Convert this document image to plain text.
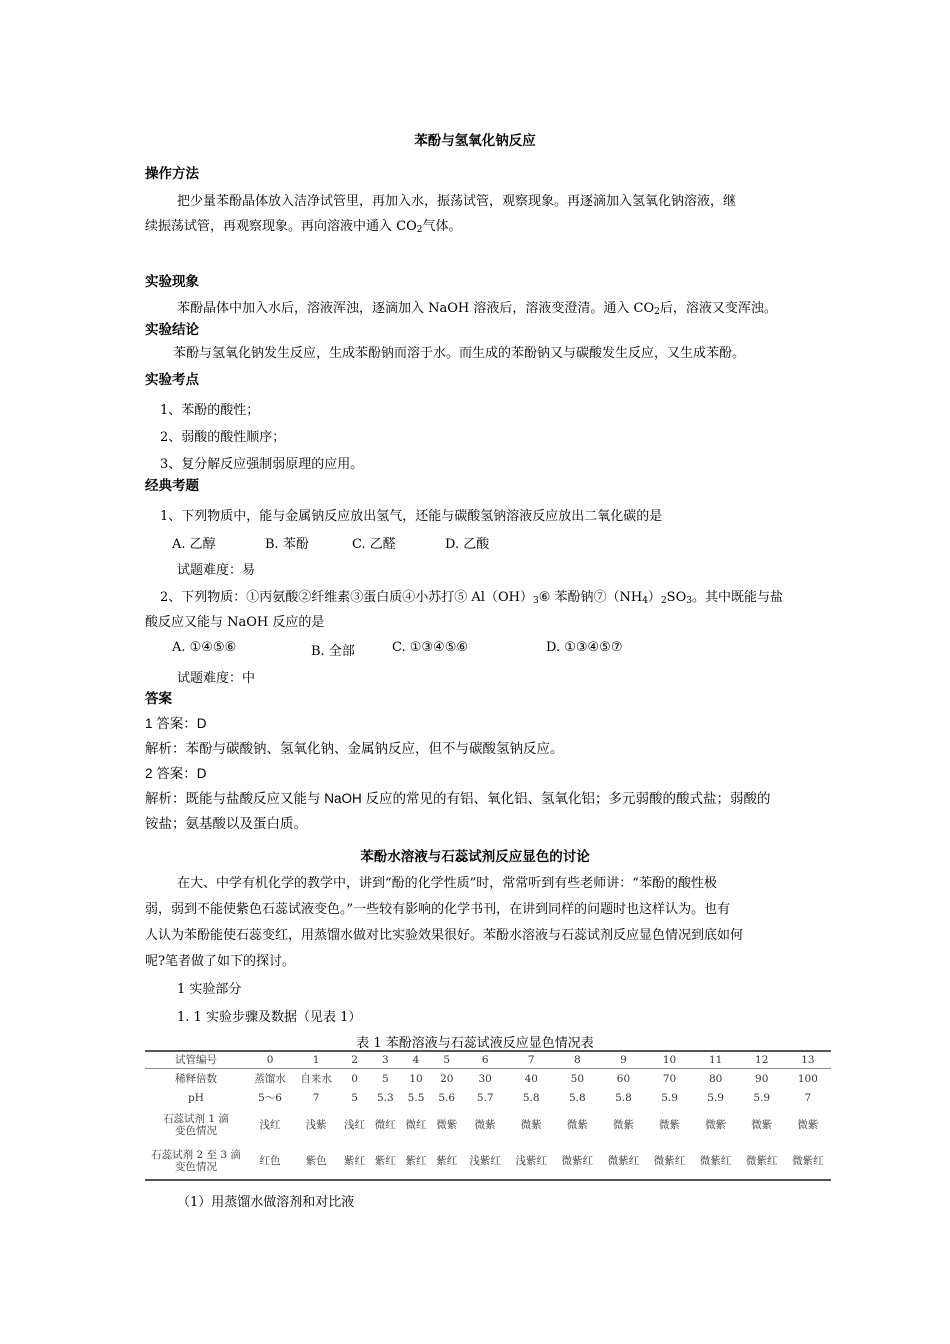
苯酚与氢氧化钠反应
操作方法
把少量苯酚晶体放入洁净试管里，再加入水，振荡试管，观察现象。再逐滴加入氢氧化钠溶液，继
续振荡试管，再观察现象。再向溶液中通入 $CO_2$气体。
实验现象
苯酚晶体中加入水后，溶液浑浊，逐滴加入 NaOH 溶液后，溶液变澄清。通入 $CO_2$后，溶液又变浑浊。
实验结论
苯酚与氢氧化钠发生反应，生成苯酚钠而溶于水。而生成的苯酚钠又与碳酸发生反应，又生成苯酚。
实验考点
1、苯酚的酸性；
2、弱酸的酸性顺序；
3、复分解反应强制弱原理的应用。
经典考题
1、下列物质中，能与金属钠反应放出氢气，还能与碳酸氢钠溶液反应放出二氧化碳的是
A. 乙醇	B. 苯酚	C. 乙醛	D. 乙酸
试题难度：易
2、下列物质：①丙氨酸②纤维素③蛋白质④小苏打⑤ $Al(OH)_3⑥$ 苯酚钠$⑦(NH_4)_2SO_3$。其中既能与盐
酸反应又能与 NaOH 反应的是
A. ①④⑤⑥	B. 全部	C. ①③④⑤⑥	D. ①③④⑤⑦
试题难度：中
答案
1 答案：D
解析：苯酚与碳酸钠、氢氧化钠、金属钠反应，但不与碳酸氢钠反应。
2 答案：D
解析：既能与盐酸反应又能与 NaOH 反应的常见的有铝、氧化铝、氢氧化铝；多元弱酸的酸式盐；弱酸的
铵盐；氨基酸以及蛋白质。
苯酚水溶液与石蕊试剂反应显色的讨论
在大、中学有机化学的教学中，讲到“酚的化学性质”时，常常听到有些老师讲：“苯酚的酸性极
弱，弱到不能使紫色石蕊试液变色。”一些较有影响的化学书刊，在讲到同样的问题时也这样认为。也有
人认为苯酚能使石蕊变红，用蒸馏水做对比实验效果很好。苯酚水溶液与石蕊试剂反应显色情况到底如何
呢?笔者做了如下的探讨。
1 实验部分
1. 1 实验步骤及数据（见表 1）
表 1 苯酚溶液与石蕊试液反应显色情况表
试管编号	0	1	2	3	4	5	6	7	8	9	10	11	12	13
稀释倍数	蒸馏水	自来水	0	5	10	20	30	40	50	60	70	80	90	100
pH	5～6	7	5	5.3	5.5	5.6	5.7	5.8	5.8	5.8	5.9	5.9	5.9	7

石蕊试剂 1 滴
变色情况	浅红	浅紫	浅红	微红	微红	微紫	微紫	微紫	微紫	微紫	微紫	微紫	微紫	微紫

石蕊试剂 2 至 3 滴
变色情况	红色	紫色	紫红	紫红	紫红	紫红	浅紫红	浅紫红	微紫红	微紫红	微紫红	微紫红	微紫红	微紫红
（1）用蒸馏水做溶剂和对比液
